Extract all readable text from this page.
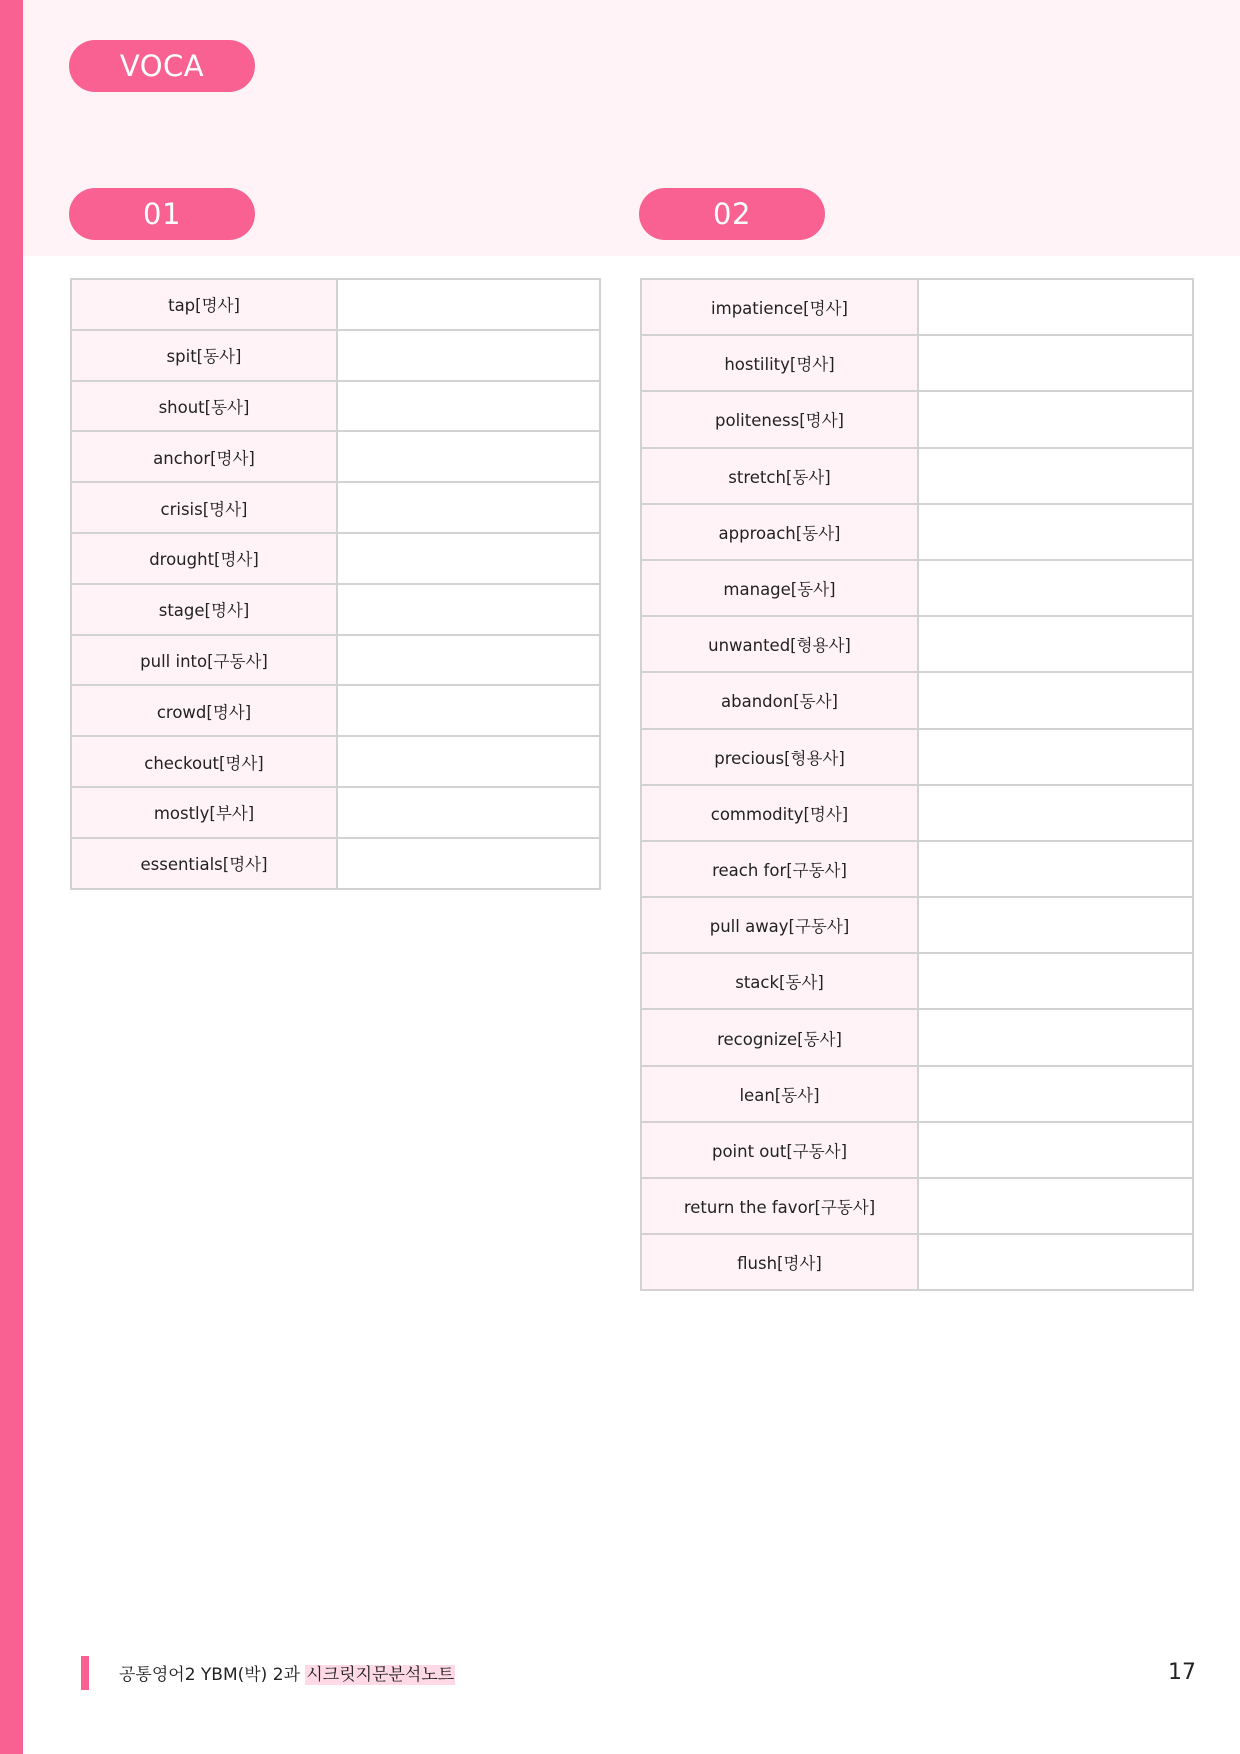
VOCA
01	02
tap[명사]	
spit[동사]	
shout[동사]	
anchor[명사]	
crisis[명사]	
drought[명사]	
stage[명사]	
pull into[구동사]	
crowd[명사]	
checkout[명사]	
mostly[부사]	
essentials[명사]	
impatience[명사]	
hostility[명사]	
politeness[명사]	
stretch[동사]	
approach[동사]	
manage[동사]	
unwanted[형용사]	
abandon[동사]	
precious[형용사]	
commodity[명사]	
reach for[구동사]	
pull away[구동사]	
stack[동사]	
recognize[동사]	
lean[동사]	
point out[구동사]	
return the favor[구동사]	
flush[명사]	
공통영어2 YBM(박) 2과 시크릿지문분석노트	17
